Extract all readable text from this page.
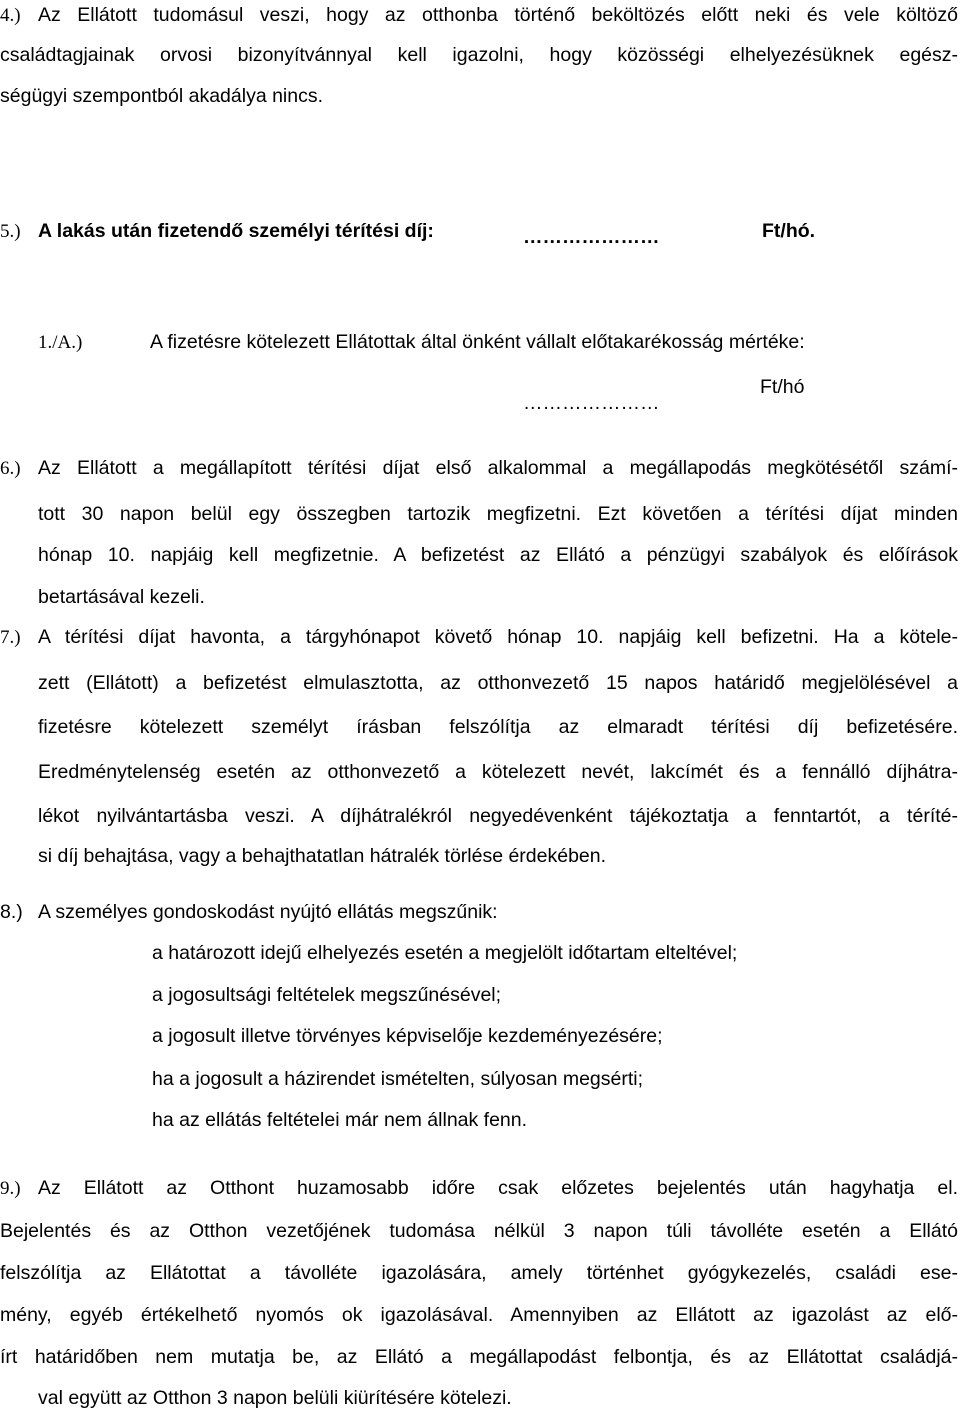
4.) Az Ellátott tudomásul veszi, hogy az otthonba történő beköltözés előtt neki és vele költöző
családtagjainak orvosi bizonyítvánnyal kell igazolni, hogy közösségi elhelyezésüknek egész-
ségügyi szempontból akadálya nincs.
5.) A lakás után fizetendő személyi térítési díj:	…………………	Ft/hó.
1./A.)	A fizetésre kötelezett Ellátottak által önként vállalt előtakarékosság mértéke:
…………………
Ft/hó
6.) Az Ellátott a megállapított térítési díjat első alkalommal a megállapodás megkötésétől számí-
tott 30 napon belül egy összegben tartozik megfizetni. Ezt követően a térítési díjat minden
hónap 10. napjáig kell megfizetnie. A befizetést az Ellátó a pénzügyi szabályok és előírások
betartásával kezeli.
7.) A térítési díjat havonta, a tárgyhónapot követő hónap 10. napjáig kell befizetni. Ha a kötele-
zett (Ellátott) a befizetést elmulasztotta, az otthonvezető 15 napos határidő megjelölésével a
fizetésre kötelezett személyt írásban felszólítja az elmaradt térítési díj befizetésére.
Eredménytelenség esetén az otthonvezető a kötelezett nevét, lakcímét és a fennálló díjhátra-
lékot nyilvántartásba veszi. A díjhátralékról negyedévenként tájékoztatja a fenntartót, a téríté-
si díj behajtása, vagy a behajthatatlan hátralék törlése érdekében.
8.) A személyes gondoskodást nyújtó ellátás megszűnik:
a határozott idejű elhelyezés esetén a megjelölt időtartam elteltével;
a jogosultsági feltételek megszűnésével;
a jogosult illetve törvényes képviselője kezdeményezésére;
ha a jogosult a házirendet ismételten, súlyosan megsérti;
ha az ellátás feltételei már nem állnak fenn.
9.) Az Ellátott az Otthont huzamosabb időre csak előzetes bejelentés után hagyhatja el.
Bejelentés és az Otthon vezetőjének tudomása nélkül 3 napon túli távolléte esetén a Ellátó
felszólítja az Ellátottat a távolléte igazolására, amely történhet gyógykezelés, családi ese-
mény, egyéb értékelhető nyomós ok igazolásával. Amennyiben az Ellátott az igazolást az elő-
írt határidőben nem mutatja be, az Ellátó a megállapodást felbontja, és az Ellátottat családjá-
val együtt az Otthon 3 napon belüli kiürítésére kötelezi.
